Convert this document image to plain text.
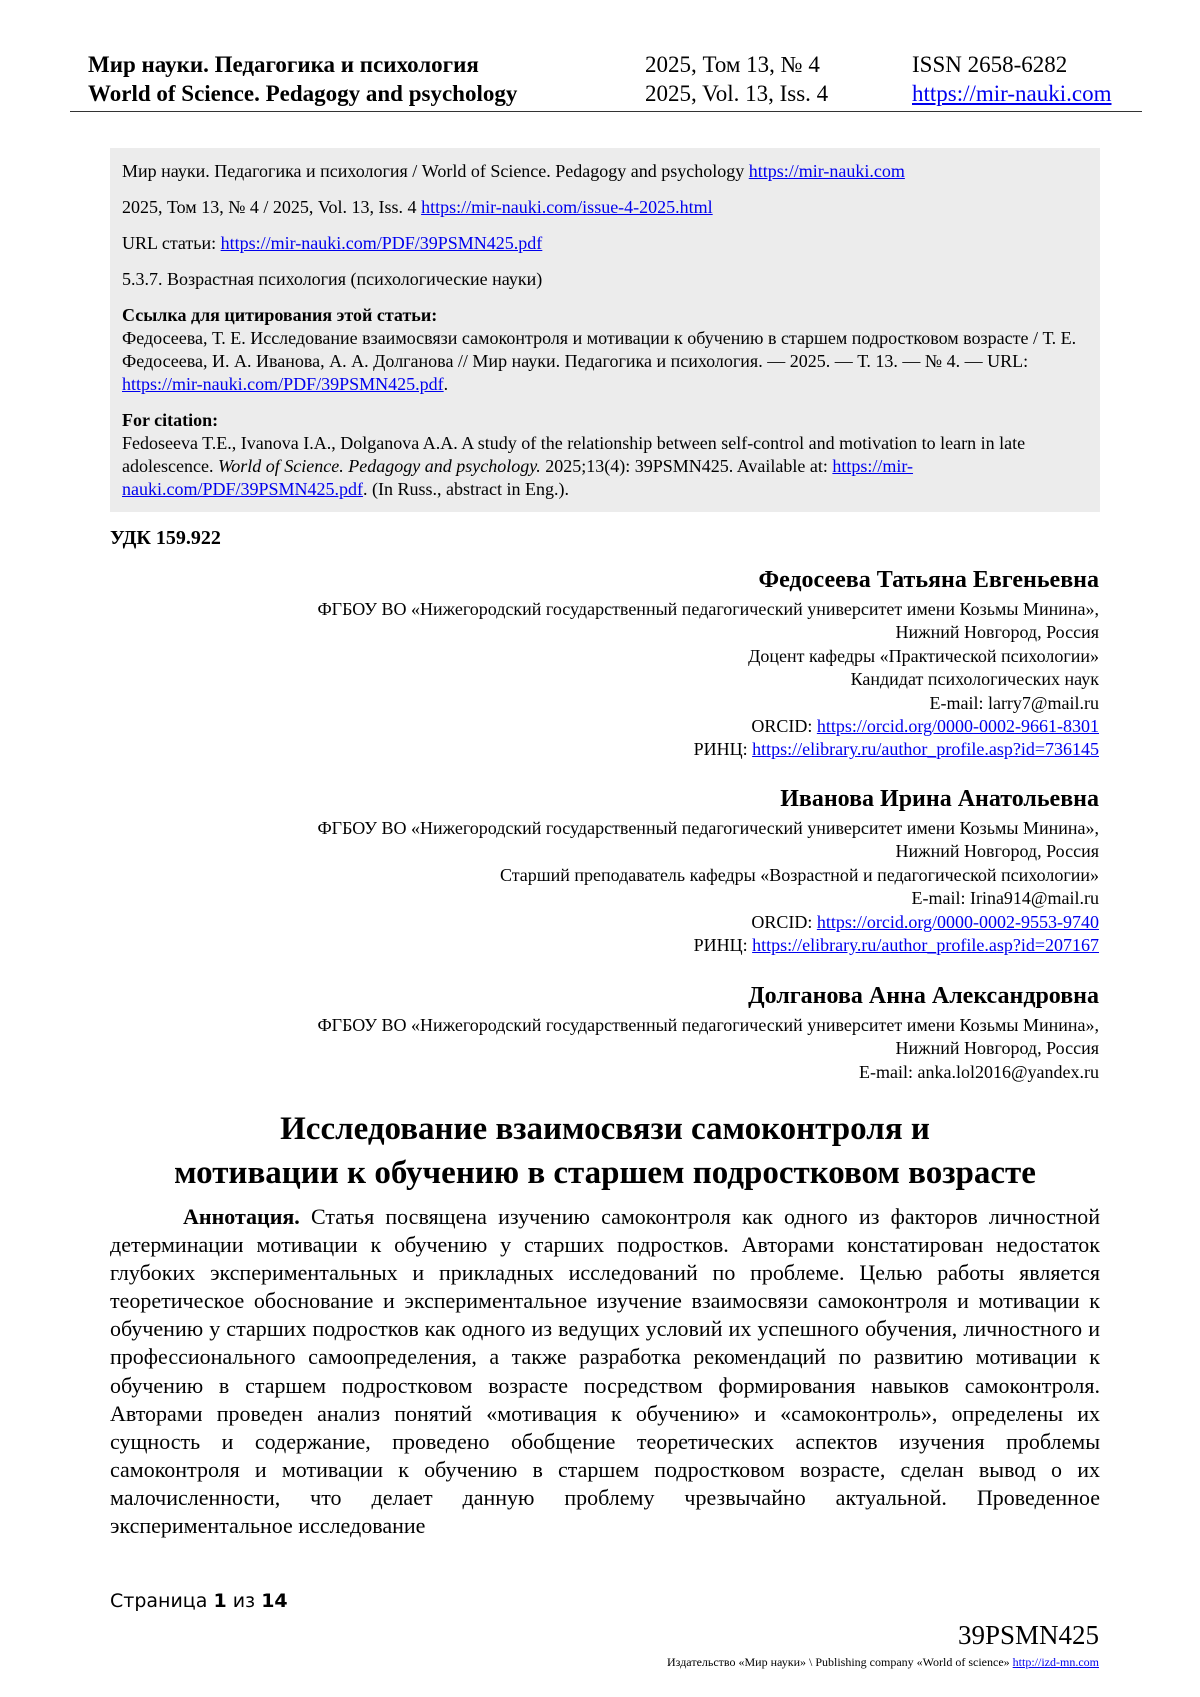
Мир науки. Педагогика и психология
World of Science. Pedagogy and psychology
2025, Том 13, № 4
2025, Vol. 13, Iss. 4
ISSN 2658-6282
https://mir-nauki.com

Мир науки. Педагогика и психология / World of Science. Pedagogy and psychology https://mir-nauki.com

2025, Том 13, № 4 / 2025, Vol. 13, Iss. 4 https://mir-nauki.com/issue-4-2025.html

URL статьи: https://mir-nauki.com/PDF/39PSMN425.pdf

5.3.7. Возрастная психология (психологические науки)

Ссылка для цитирования этой статьи:
Федосеева, Т. Е. Исследование взаимосвязи самоконтроля и мотивации к обучению в старшем подростковом возрасте / Т. Е. Федосеева, И. А. Иванова, А. А. Долганова // Мир науки. Педагогика и психология. — 2025. — Т. 13. — № 4. — URL: https://mir-nauki.com/PDF/39PSMN425.pdf.

For citation:
Fedoseeva T.E., Ivanova I.A., Dolganova A.A. A study of the relationship between self-control and motivation to learn in late adolescence. World of Science. Pedagogy and psychology. 2025;13(4): 39PSMN425. Available at: https://mir-nauki.com/PDF/39PSMN425.pdf. (In Russ., abstract in Eng.).

УДК 159.922
Федосеева Татьяна Евгеньевна
ФГБОУ ВО «Нижегородский государственный педагогический университет имени Козьмы Минина»,
Нижний Новгород, Россия
Доцент кафедры «Практической психологии»
Кандидат психологических наук
E-mail: larry7@mail.ru
ORCID: https://orcid.org/0000-0002-9661-8301
РИНЦ: https://elibrary.ru/author_profile.asp?id=736145
Иванова Ирина Анатольевна
ФГБОУ ВО «Нижегородский государственный педагогический университет имени Козьмы Минина»,
Нижний Новгород, Россия
Старший преподаватель кафедры «Возрастной и педагогической психологии»
E-mail: Irina914@mail.ru
ORCID: https://orcid.org/0000-0002-9553-9740
РИНЦ: https://elibrary.ru/author_profile.asp?id=207167
Долганова Анна Александровна
ФГБОУ ВО «Нижегородский государственный педагогический университет имени Козьмы Минина»,
Нижний Новгород, Россия
E-mail: anka.lol2016@yandex.ru
Исследование взаимосвязи самоконтроля и
мотивации к обучению в старшем подростковом возрасте

Аннотация. Статья посвящена изучению самоконтроля как одного из факторов личностной детерминации мотивации к обучению у старших подростков. Авторами констатирован недостаток глубоких экспериментальных и прикладных исследований по проблеме. Целью работы является теоретическое обоснование и экспериментальное изучение взаимосвязи самоконтроля и мотивации к обучению у старших подростков как одного из ведущих условий их успешного обучения, личностного и профессионального самоопределения, а также разработка рекомендаций по развитию мотивации к обучению в старшем подростковом возрасте посредством формирования навыков самоконтроля. Авторами проведен анализ понятий «мотивация к обучению» и «самоконтроль», определены их сущность и содержание, проведено обобщение теоретических аспектов изучения проблемы самоконтроля и мотивации к обучению в старшем подростковом возрасте, сделан вывод о их малочисленности, что делает данную проблему чрезвычайно актуальной. Проведенное экспериментальное исследование

Страница 1 из 14
39PSMN425
Издательство «Мир науки» \ Publishing company «World of science» http://izd-mn.com
